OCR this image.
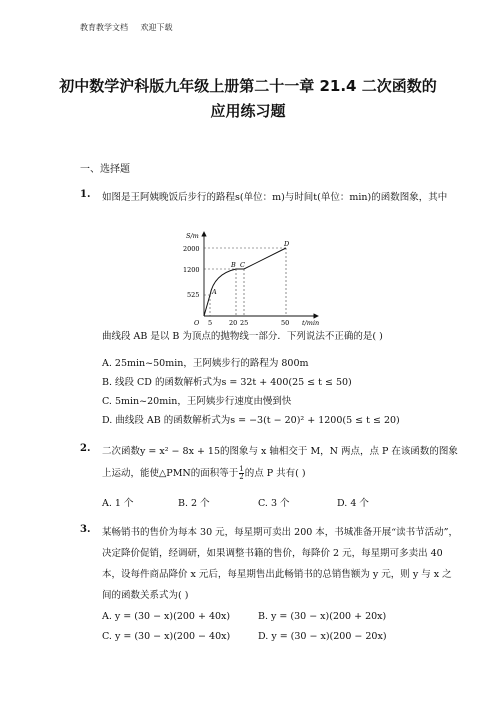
教育教学文档 欢迎下载
初中数学沪科版九年级上册第二十一章 21.4 二次函数的
应用练习题
一、选择题
1. 如图是王阿姨晚饭后步行的路程s(单位：m)与时间t(单位：min)的函数图象，其中
S/m
2000
1200
525
O 5	20 25	50 t/min
A
B C
D
曲线段 AB 是以 B 为顶点的抛物线一部分．下列说法不正确的是( )
A. 25min~50min，王阿姨步行的路程为 800m
B. 线段 CD 的函数解析式为s = 32t + 400(25 ≤ t ≤ 50)
C. 5min~20min，王阿姨步行速度由慢到快
D. 曲线段 AB 的函数解析式为s = −3(t − 20)² + 1200(5 ≤ t ≤ 20)
2. 二次函数y = x² − 8x + 15的图象与 x 轴相交于 M，N 两点，点 P 在该函数的图象
上运动，能使△PMN的面积等于 $\frac{1}{2}$ 的点 P 共有( )
A. 1 个	B. 2 个	C. 3 个	D. 4 个
3. 某畅销书的售价为每本 30 元，每星期可卖出 200 本，书城准备开展“读书节活动”，
决定降价促销，经调研，如果调整书籍的售价，每降价 2 元，每星期可多卖出 40
本，设每件商品降价 x 元后，每星期售出此畅销书的总销售额为 y 元，则 y 与 x 之
间的函数关系式为( )
A. y = (30 − x)(200 + 40x)	B. y = (30 − x)(200 + 20x)
C. y = (30 − x)(200 − 40x)	D. y = (30 − x)(200 − 20x)
